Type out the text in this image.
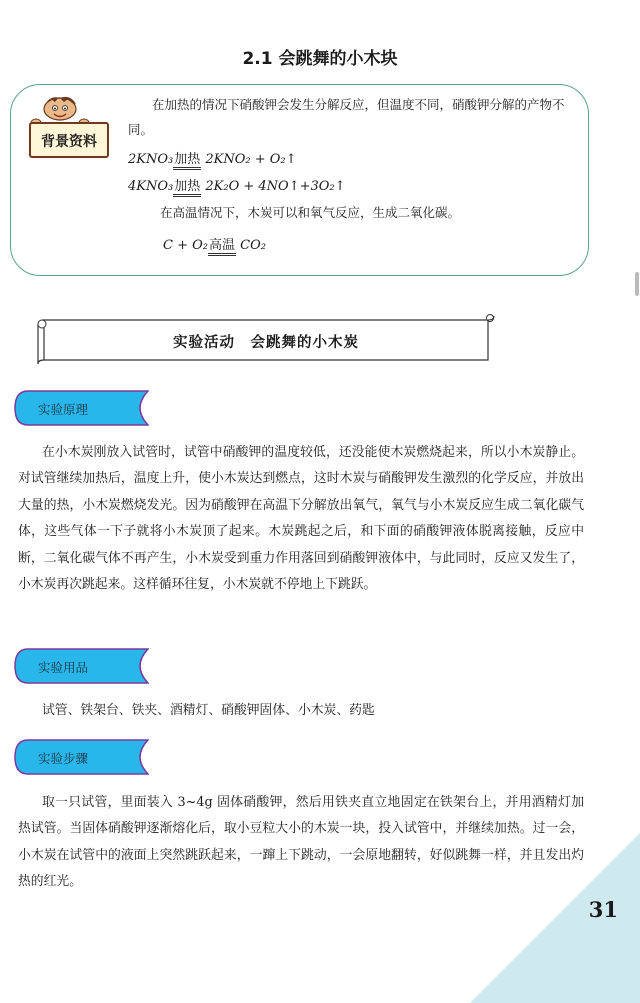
2.1 会跳舞的小木块
背景资料
在加热的情况下硝酸钾会发生分解反应，但温度不同，硝酸钾分解的产物不同。
2KNO₃加热 2KNO₂ + O₂↑
4KNO₃加热 2K₂O + 4NO↑+3O₂↑
在高温情况下，木炭可以和氧气反应，生成二氧化碳。
C + O₂高温 CO₂
实验活动　会跳舞的小木炭
实验原理
在小木炭刚放入试管时，试管中硝酸钾的温度较低，还没能使木炭燃烧起来，所以小木炭静止。对试管继续加热后，温度上升，使小木炭达到燃点，这时木炭与硝酸钾发生激烈的化学反应，并放出大量的热，小木炭燃烧发光。因为硝酸钾在高温下分解放出氧气，氧气与小木炭反应生成二氧化碳气体，这些气体一下子就将小木炭顶了起来。木炭跳起之后，和下面的硝酸钾液体脱离接触，反应中断，二氧化碳气体不再产生，小木炭受到重力作用落回到硝酸钾液体中，与此同时，反应又发生了，小木炭再次跳起来。这样循环往复，小木炭就不停地上下跳跃。
实验用品
试管、铁架台、铁夹、酒精灯、硝酸钾固体、小木炭、药匙
实验步骤
取一只试管，里面装入 3~4g 固体硝酸钾，然后用铁夹直立地固定在铁架台上，并用酒精灯加热试管。当固体硝酸钾逐渐熔化后，取小豆粒大小的木炭一块，投入试管中，并继续加热。过一会，小木炭在试管中的液面上突然跳跃起来，一蹿上下跳动，一会原地翻转，好似跳舞一样，并且发出灼热的红光。
31
